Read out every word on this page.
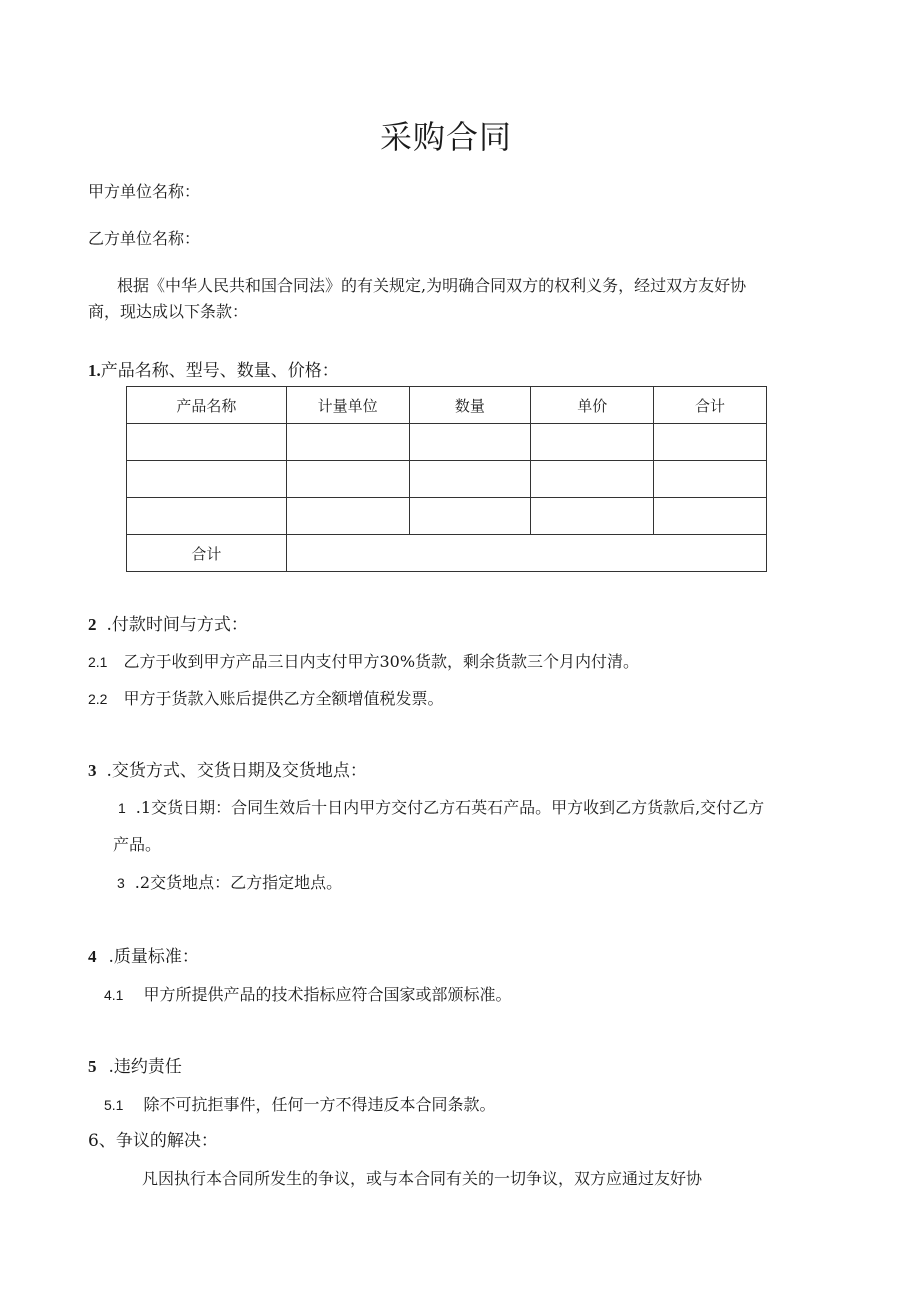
采购合同
甲方单位名称：
乙方单位名称：
根据《中华人民共和国合同法》的有关规定,为明确合同双方的权利义务，经过双方友好协
商，现达成以下条款：
1.产品名称、型号、数量、价格：
产品名称	计量单位	数量	单价	合计

合计				
2 .付款时间与方式：
2.1 乙方于收到甲方产品三日内支付甲方30%货款，剩余货款三个月内付清。
2.2 甲方于货款入账后提供乙方全额增值税发票。
3 .交货方式、交货日期及交货地点：
1 .1交货日期：合同生效后十日内甲方交付乙方石英石产品。甲方收到乙方货款后,交付乙方
产品。
3 .2交货地点：乙方指定地点。
4 .质量标准：
4.1 甲方所提供产品的技术指标应符合国家或部颁标准。
5 .违约责任
5.1 除不可抗拒事件，任何一方不得违反本合同条款。
6、争议的解决：
凡因执行本合同所发生的争议，或与本合同有关的一切争议，双方应通过友好协
